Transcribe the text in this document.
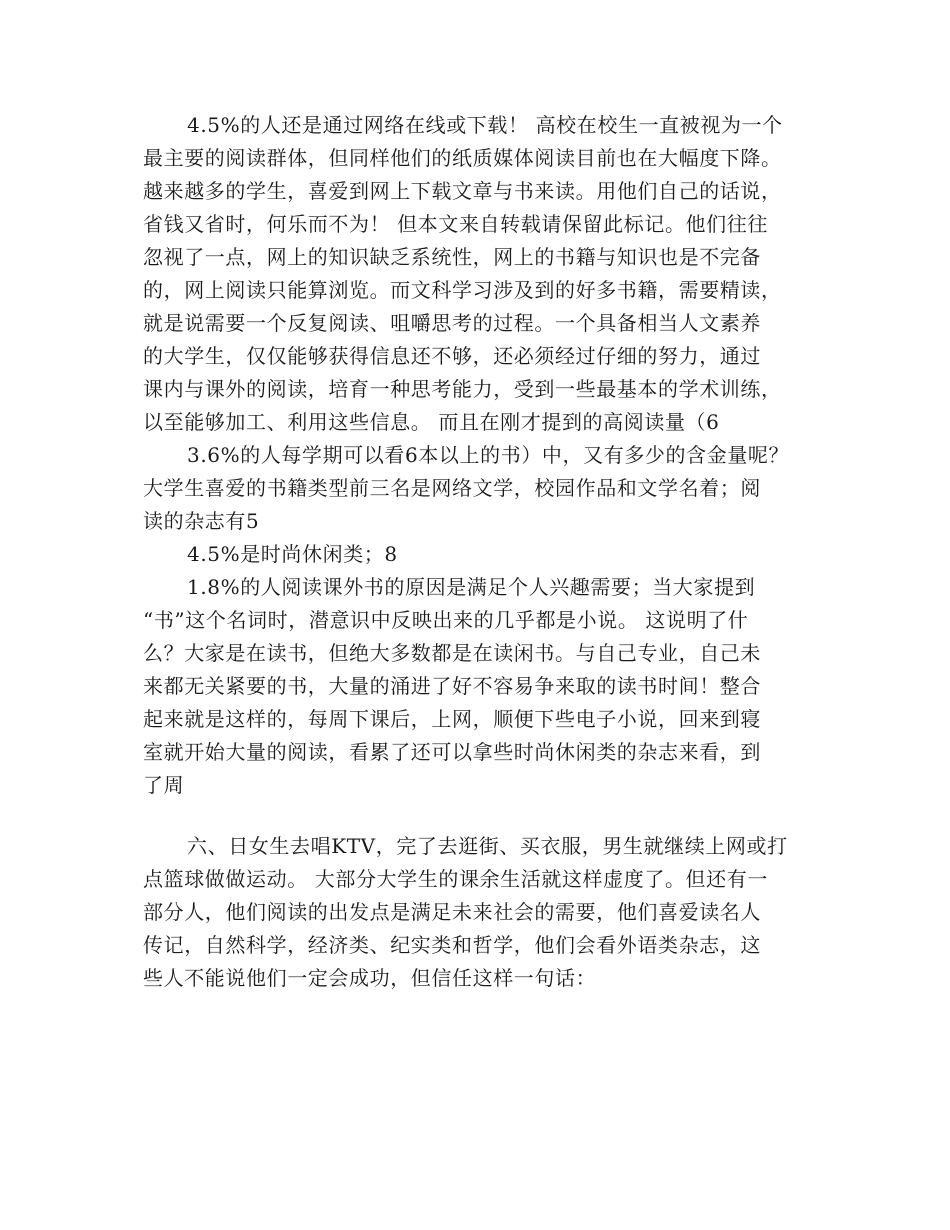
4.5%的人还是通过网络在线或下载！ 高校在校生一直被视为一个
最主要的阅读群体，但同样他们的纸质媒体阅读目前也在大幅度下降。
越来越多的学生，喜爱到网上下载文章与书来读。用他们自己的话说，
省钱又省时，何乐而不为！ 但本文来自转载请保留此标记。他们往往
忽视了一点，网上的知识缺乏系统性，网上的书籍与知识也是不完备
的，网上阅读只能算浏览。而文科学习涉及到的好多书籍，需要精读，
就是说需要一个反复阅读、咀嚼思考的过程。一个具备相当人文素养
的大学生，仅仅能够获得信息还不够，还必须经过仔细的努力，通过
课内与课外的阅读，培育一种思考能力，受到一些最基本的学术训练，
以至能够加工、利用这些信息。 而且在刚才提到的高阅读量（6
3.6%的人每学期可以看6本以上的书）中，又有多少的含金量呢？
大学生喜爱的书籍类型前三名是网络文学，校园作品和文学名着；阅
读的杂志有5
4.5%是时尚休闲类；8
1.8%的人阅读课外书的原因是满足个人兴趣需要；当大家提到
“书”这个名词时，潜意识中反映出来的几乎都是小说。 这说明了什
么？大家是在读书，但绝大多数都是在读闲书。与自己专业，自己未
来都无关紧要的书，大量的涌进了好不容易争来取的读书时间！整合
起来就是这样的，每周下课后，上网，顺便下些电子小说，回来到寝
室就开始大量的阅读，看累了还可以拿些时尚休闲类的杂志来看，到
了周
六、日女生去唱KTV，完了去逛街、买衣服，男生就继续上网或打
点篮球做做运动。 大部分大学生的课余生活就这样虚度了。但还有一
部分人，他们阅读的出发点是满足未来社会的需要，他们喜爱读名人
传记，自然科学，经济类、纪实类和哲学，他们会看外语类杂志，这
些人不能说他们一定会成功，但信任这样一句话：
